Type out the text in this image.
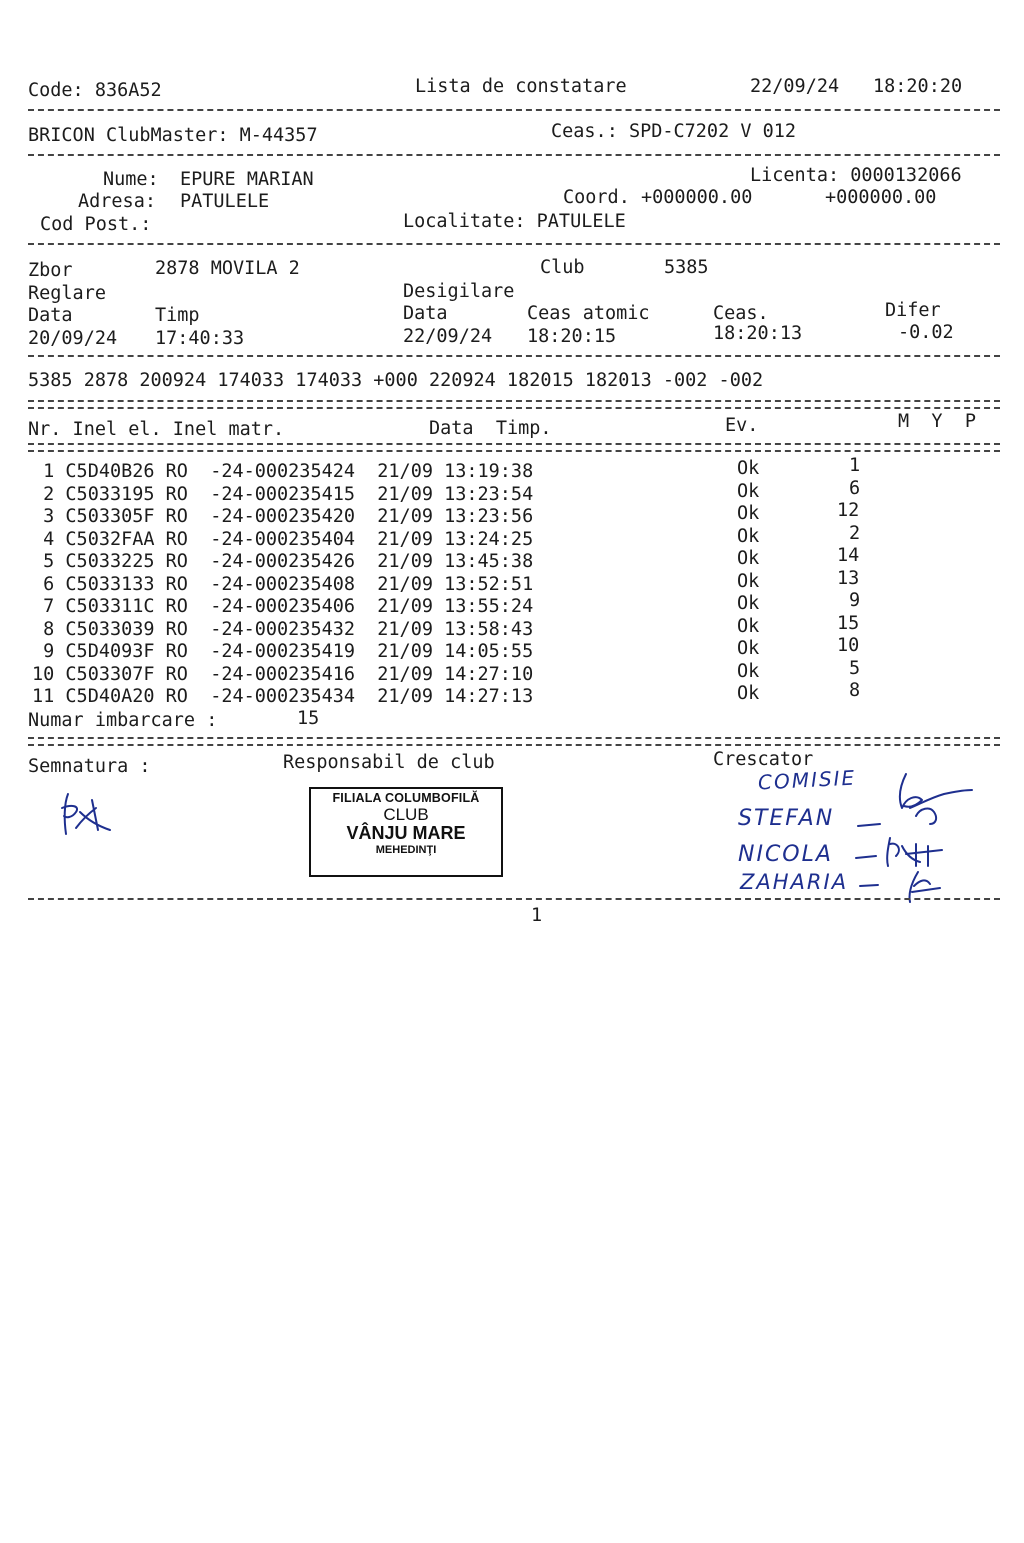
Code: 836A52	Lista de constatare	22/09/24 18:20:20
BRICON ClubMaster: M-44357	Ceas.: SPD-C7202 V 012
Nume: EPURE MARIAN	Licenta: 0000132066
Adresa: PATULELE	Coord. +000000.00	+000000.00
Cod Post.:	Localitate: PATULELE
Zbor	2878 MOVILA 2	Club	5385
Reglare	Desigilare
Data	Timp	Data	Ceas atomic	Ceas.	Difer
20/09/24 17:40:33	22/09/24 18:20:15	18:20:13	-0.02
5385 2878 200924 174033 174033 +000 220924 182015 182013 -002 -002
Nr. Inel el. Inel matr.	Data  Timp.	Ev.	M  Y  P
1 C5D40B26 RO  -24-000235424  21/09 13:19:38	Ok	1
2 C5033195 RO  -24-000235415  21/09 13:23:54	Ok	6
3 C503305F RO  -24-000235420  21/09 13:23:56	Ok	12
4 C5032FAA RO  -24-000235404  21/09 13:24:25	Ok	2
5 C5033225 RO  -24-000235426  21/09 13:45:38	Ok	14
6 C5033133 RO  -24-000235408  21/09 13:52:51	Ok	13
7 C503311C RO  -24-000235406  21/09 13:55:24	Ok	9
8 C5033039 RO  -24-000235432  21/09 13:58:43	Ok	15
9 C5D4093F RO  -24-000235419  21/09 14:05:55	Ok	10
10 C503307F RO  -24-000235416  21/09 14:27:10	Ok	5
11 C5D40A20 RO  -24-000235434  21/09 14:27:13	Ok	8
Numar imbarcare :	15
Semnatura :	Responsabil de club	Crescator
FILIALA COLUMBOFILĂ
CLUB
VÂNJU MARE
MEHEDINŢI
COMISIE
STEFAN
NICOLA
ZAHARIA
1
